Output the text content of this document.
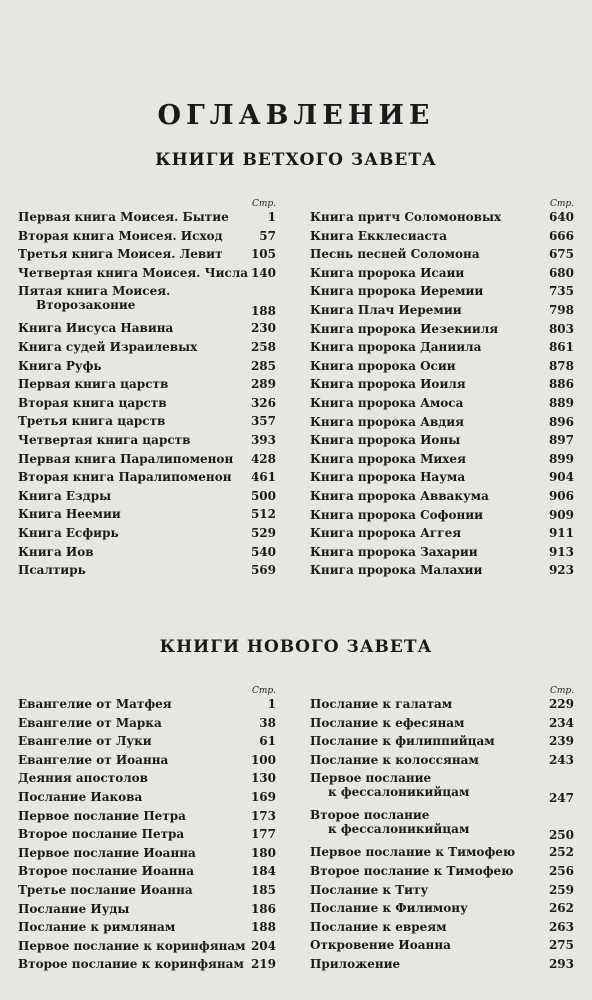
ОГЛАВЛЕНИЕ
КНИГИ ВЕТХОГО ЗАВЕТА
Стр.
Первая книга Моисея. Бытие	1
Вторая книга Моисея. Исход	57
Третья книга Моисея. Левит 105
Четвертая книга Моисея. Числа 140
Пятая книга Моисея.
Второзаконие	188
Книга Иисуса Навина	230
Книга судей Израилевых	258
Книга Руфь	285
Первая книга царств	289
Вторая книга царств	326
Третья книга царств	357
Четвертая книга царств	393
Первая книга Паралипоменон 428
Вторая книга Паралипоменон 461
Книга Ездры	500
Книга Неемии	512
Книга Есфирь	529
Книга Иов	540
Псалтирь	569
Стр.
Книга притч Соломоновых	640
Книга Екклесиаста	666
Песнь песней Соломона	675
Книга пророка Исаии	680
Книга пророка Иеремии	735
Книга Плач Иеремии	798
Книга пророка Иезекииля	803
Книга пророка Даниила	861
Книга пророка Осии	878
Книга пророка Иоиля	886
Книга пророка Амоса	889
Книга пророка Авдия	896
Книга пророка Ионы	897
Книга пророка Михея	899
Книга пророка Наума	904
Книга пророка Аввакума	906
Книга пророка Софонии	909
Книга пророка Аггея	911
Книга пророка Захарии	913
Книга пророка Малахии	923
КНИГИ НОВОГО ЗАВЕТА
Стр.
Евангелие от Матфея	1
Евангелие от Марка	38
Евангелие от Луки	61
Евангелие от Иоанна	100
Деяния апостолов	130
Послание Иакова	169
Первое послание Петра	173
Второе послание Петра	177
Первое послание Иоанна	180
Второе послание Иоанна	184
Третье послание Иоанна	185
Послание Иуды	186
Послание к римлянам	188
Первое послание к коринфянам 204
Второе послание к коринфянам 219
Стр.
Послание к галатам	229
Послание к ефесянам	234
Послание к филиппийцам	239
Послание к колоссянам	243
Первое послание
к фессалоникийцам	247
Второе послание
к фессалоникийцам	250
Первое послание к Тимофею	252
Второе послание к Тимофею	256
Послание к Титу	259
Послание к Филимону	262
Послание к евреям	263
Откровение Иоанна	275
Приложение	293
